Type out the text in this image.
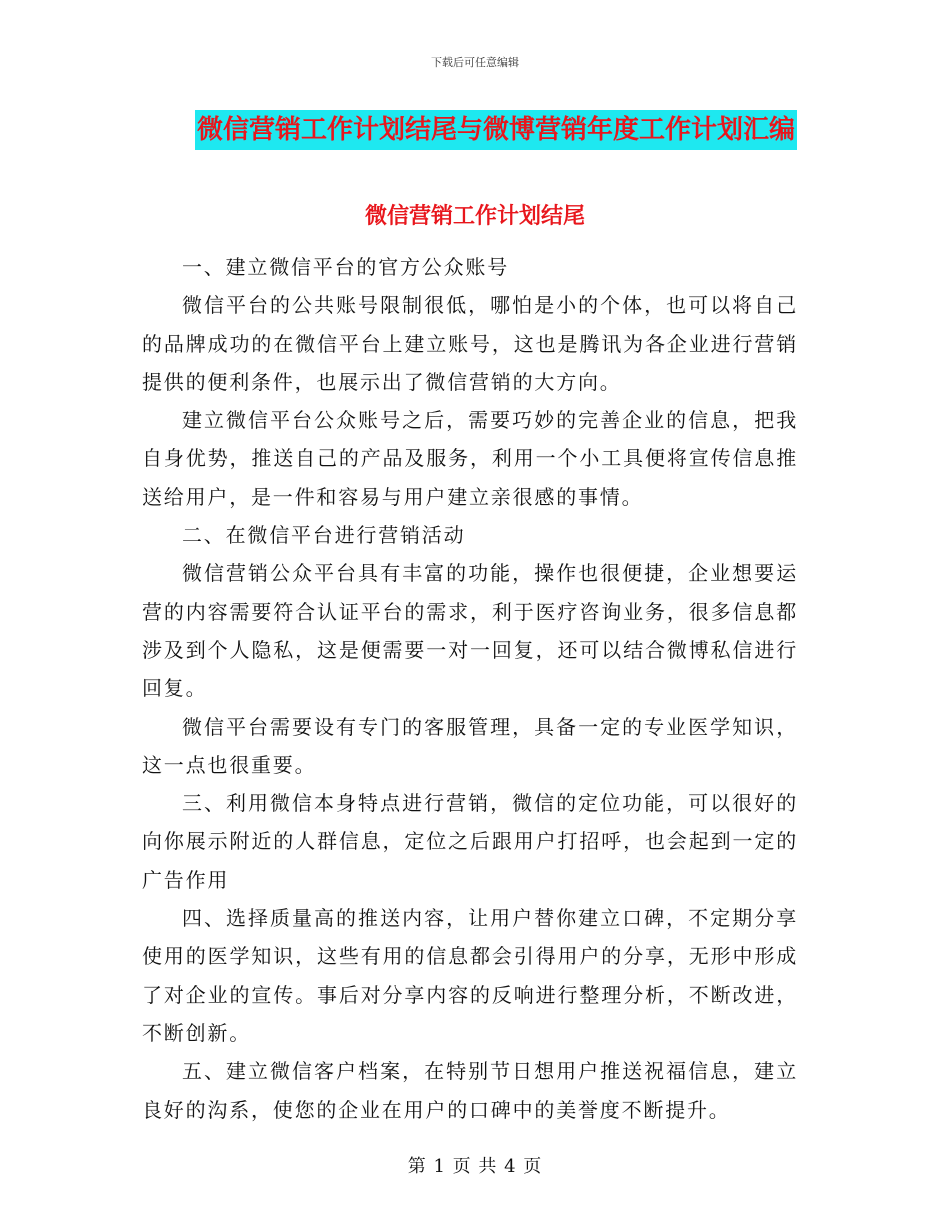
下载后可任意编辑
微信营销工作计划结尾与微博营销年度工作计划汇编
微信营销工作计划结尾

一、建立微信平台的官方公众账号

微信平台的公共账号限制很低，哪怕是小的个体，也可以将自己的品牌成功的在微信平台上建立账号，这也是腾讯为各企业进行营销提供的便利条件，也展示出了微信营销的大方向。

建立微信平台公众账号之后，需要巧妙的完善企业的信息，把我自身优势，推送自己的产品及服务，利用一个小工具便将宣传信息推送给用户，是一件和容易与用户建立亲很感的事情。

二、在微信平台进行营销活动

微信营销公众平台具有丰富的功能，操作也很便捷，企业想要运营的内容需要符合认证平台的需求，利于医疗咨询业务，很多信息都涉及到个人隐私，这是便需要一对一回复，还可以结合微博私信进行回复。

微信平台需要设有专门的客服管理，具备一定的专业医学知识，这一点也很重要。

三、利用微信本身特点进行营销，微信的定位功能，可以很好的向你展示附近的人群信息，定位之后跟用户打招呼，也会起到一定的广告作用

四、选择质量高的推送内容，让用户替你建立口碑，不定期分享使用的医学知识，这些有用的信息都会引得用户的分享，无形中形成了对企业的宣传。事后对分享内容的反响进行整理分析，不断改进，不断创新。

五、建立微信客户档案，在特别节日想用户推送祝福信息，建立良好的沟系，使您的企业在用户的口碑中的美誉度不断提升。

第 1 页 共 4 页
